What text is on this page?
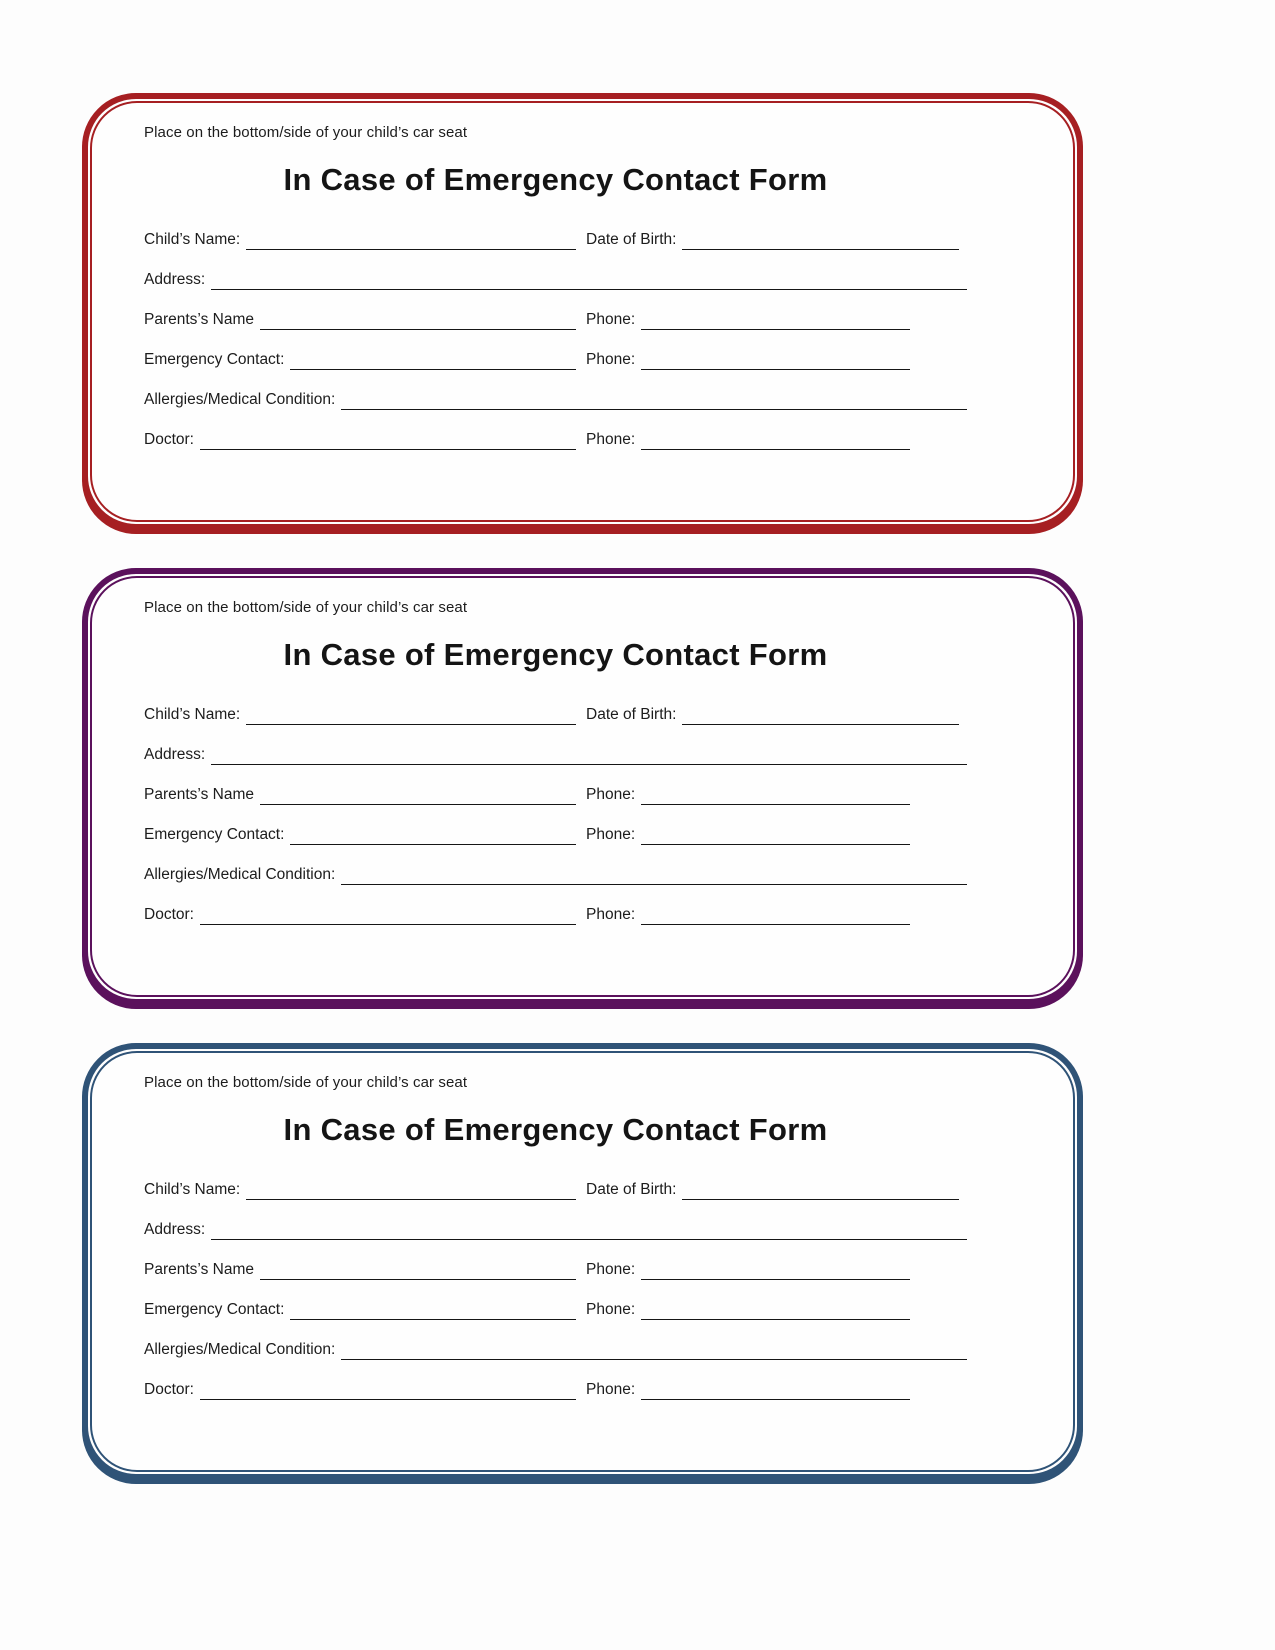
Place on the bottom/side of your child’s car seat
In Case of Emergency Contact Form
Child’s Name:	Date of Birth:
Address:
Parents’s Name	Phone:
Emergency Contact:	Phone:
Allergies/Medical Condition:
Doctor:	Phone:
Place on the bottom/side of your child’s car seat
In Case of Emergency Contact Form
Child’s Name:	Date of Birth:
Address:
Parents’s Name	Phone:
Emergency Contact:	Phone:
Allergies/Medical Condition:
Doctor:	Phone:
Place on the bottom/side of your child’s car seat
In Case of Emergency Contact Form
Child’s Name:	Date of Birth:
Address:
Parents’s Name	Phone:
Emergency Contact:	Phone:
Allergies/Medical Condition:
Doctor:	Phone:
